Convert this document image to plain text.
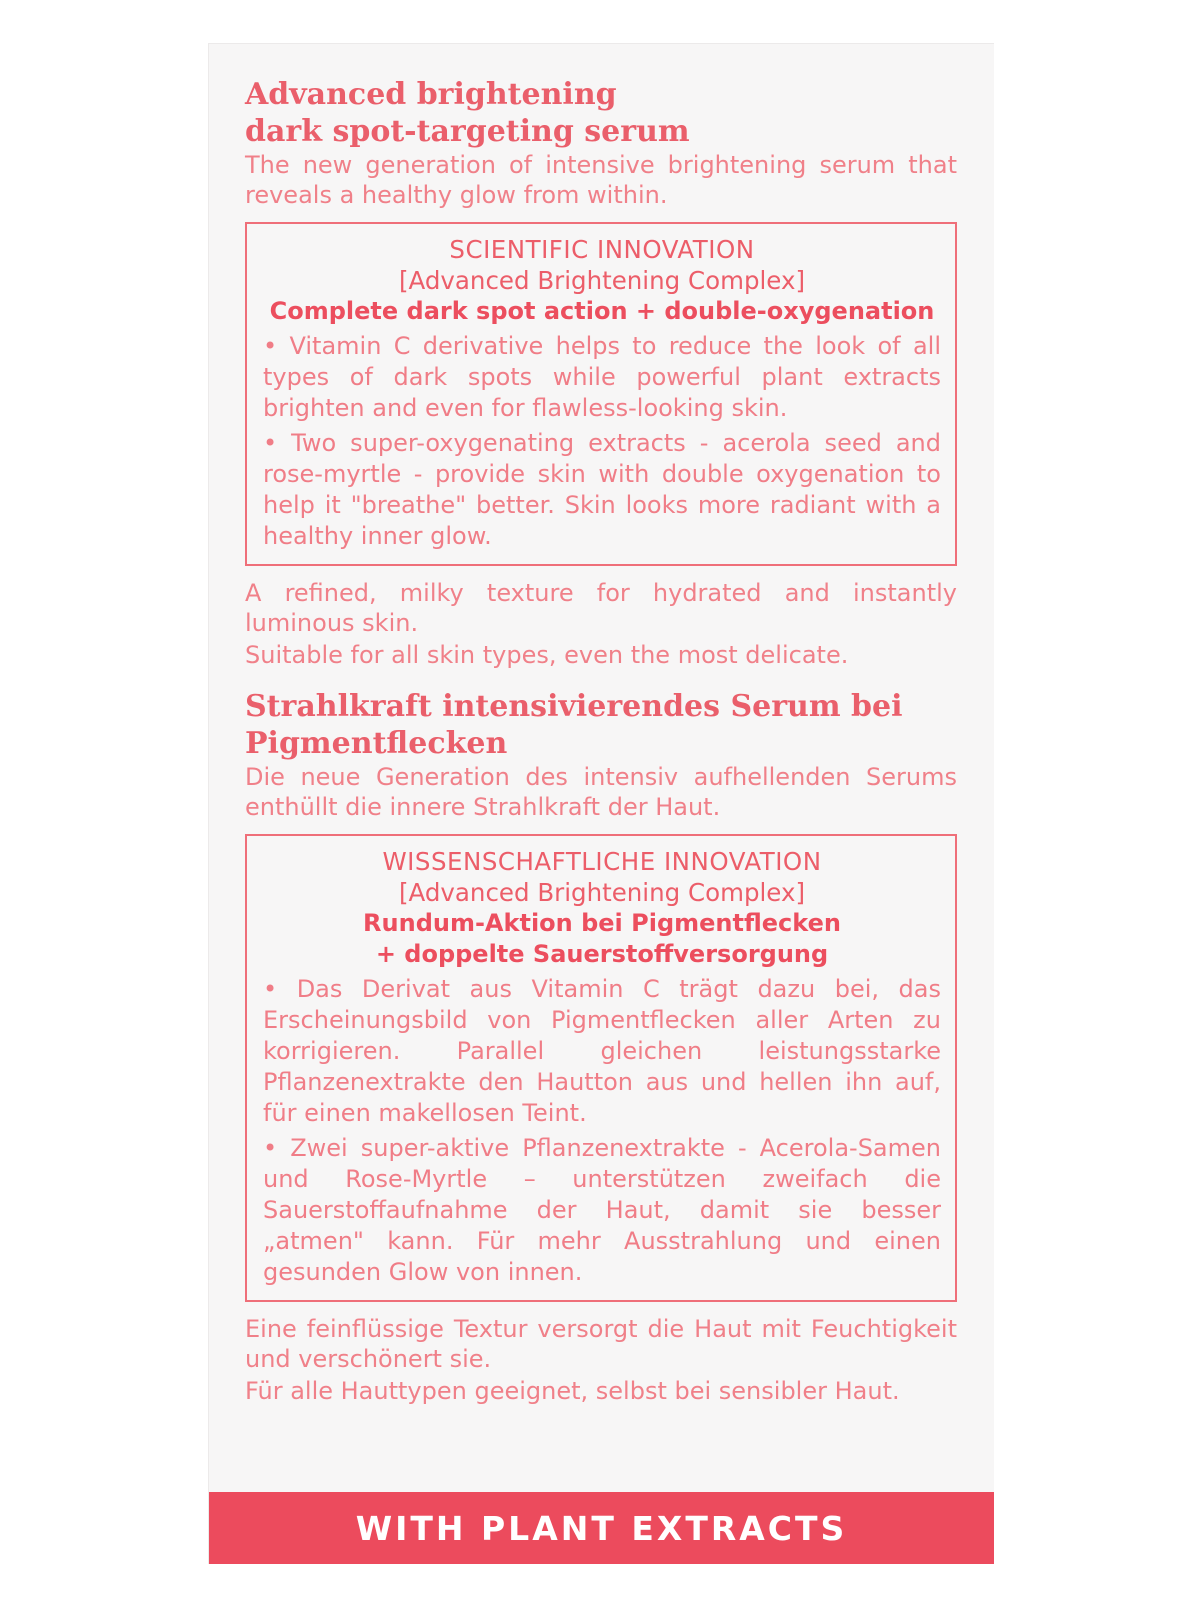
Advanced brightening
dark spot-targeting serum

The new generation of intensive brightening serum that reveals a healthy glow from within.

SCIENTIFIC INNOVATION
[Advanced Brightening Complex]
Complete dark spot action + double-oxygenation
• Vitamin C derivative helps to reduce the look of all types of dark spots while powerful plant extracts brighten and even for flawless-looking skin.
• Two super-oxygenating extracts - acerola seed and rose-myrtle - provide skin with double oxygenation to help it "breathe" better. Skin looks more radiant with a healthy inner glow.

A refined, milky texture for hydrated and instantly luminous skin.

Suitable for all skin types, even the most delicate.

Strahlkraft intensivierendes Serum bei
Pigmentflecken

Die neue Generation des intensiv aufhellenden Serums enthüllt die innere Strahlkraft der Haut.

WISSENSCHAFTLICHE INNOVATION
[Advanced Brightening Complex]
Rundum-Aktion bei Pigmentflecken
+ doppelte Sauerstoffversorgung
• Das Derivat aus Vitamin C trägt dazu bei, das Erscheinungsbild von Pigmentflecken aller Arten zu korrigieren. Parallel gleichen leistungsstarke Pflanzenextrakte den Hautton aus und hellen ihn auf, für einen makellosen Teint.
• Zwei super-aktive Pflanzenextrakte - Acerola-Samen und Rose-Myrtle – unterstützen zweifach die Sauerstoffaufnahme der Haut, damit sie besser „atmen" kann. Für mehr Ausstrahlung und einen gesunden Glow von innen.

Eine feinflüssige Textur versorgt die Haut mit Feuchtigkeit und verschönert sie.

Für alle Hauttypen geeignet, selbst bei sensibler Haut.

WITH PLANT EXTRACTS
